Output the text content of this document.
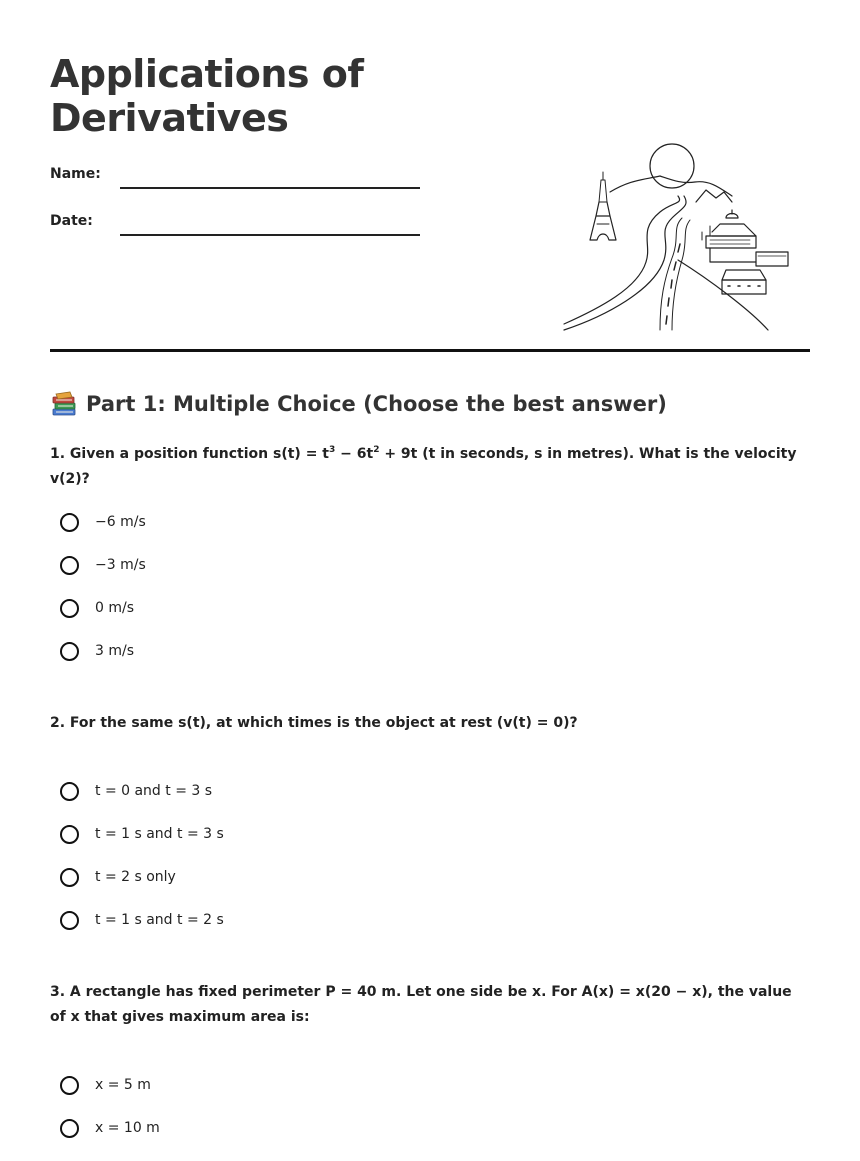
Applications of
Derivatives
Name:
Date:
Part 1: Multiple Choice (Choose the best answer)
1. Given a position function $s(t) = t^3 - 6t^2 + 9t$ (t in seconds, s in metres). What is the velocity v(2)?
−6 m/s
−3 m/s
0 m/s
3 m/s
2. For the same s(t), at which times is the object at rest (v(t) = 0)?
t = 0 and t = 3 s
t = 1 s and t = 3 s
t = 2 s only
t = 1 s and t = 2 s
3. A rectangle has fixed perimeter P = 40 m. Let one side be x. For A(x) = x(20 − x), the value of x that gives maximum area is:
x = 5 m
x = 10 m
